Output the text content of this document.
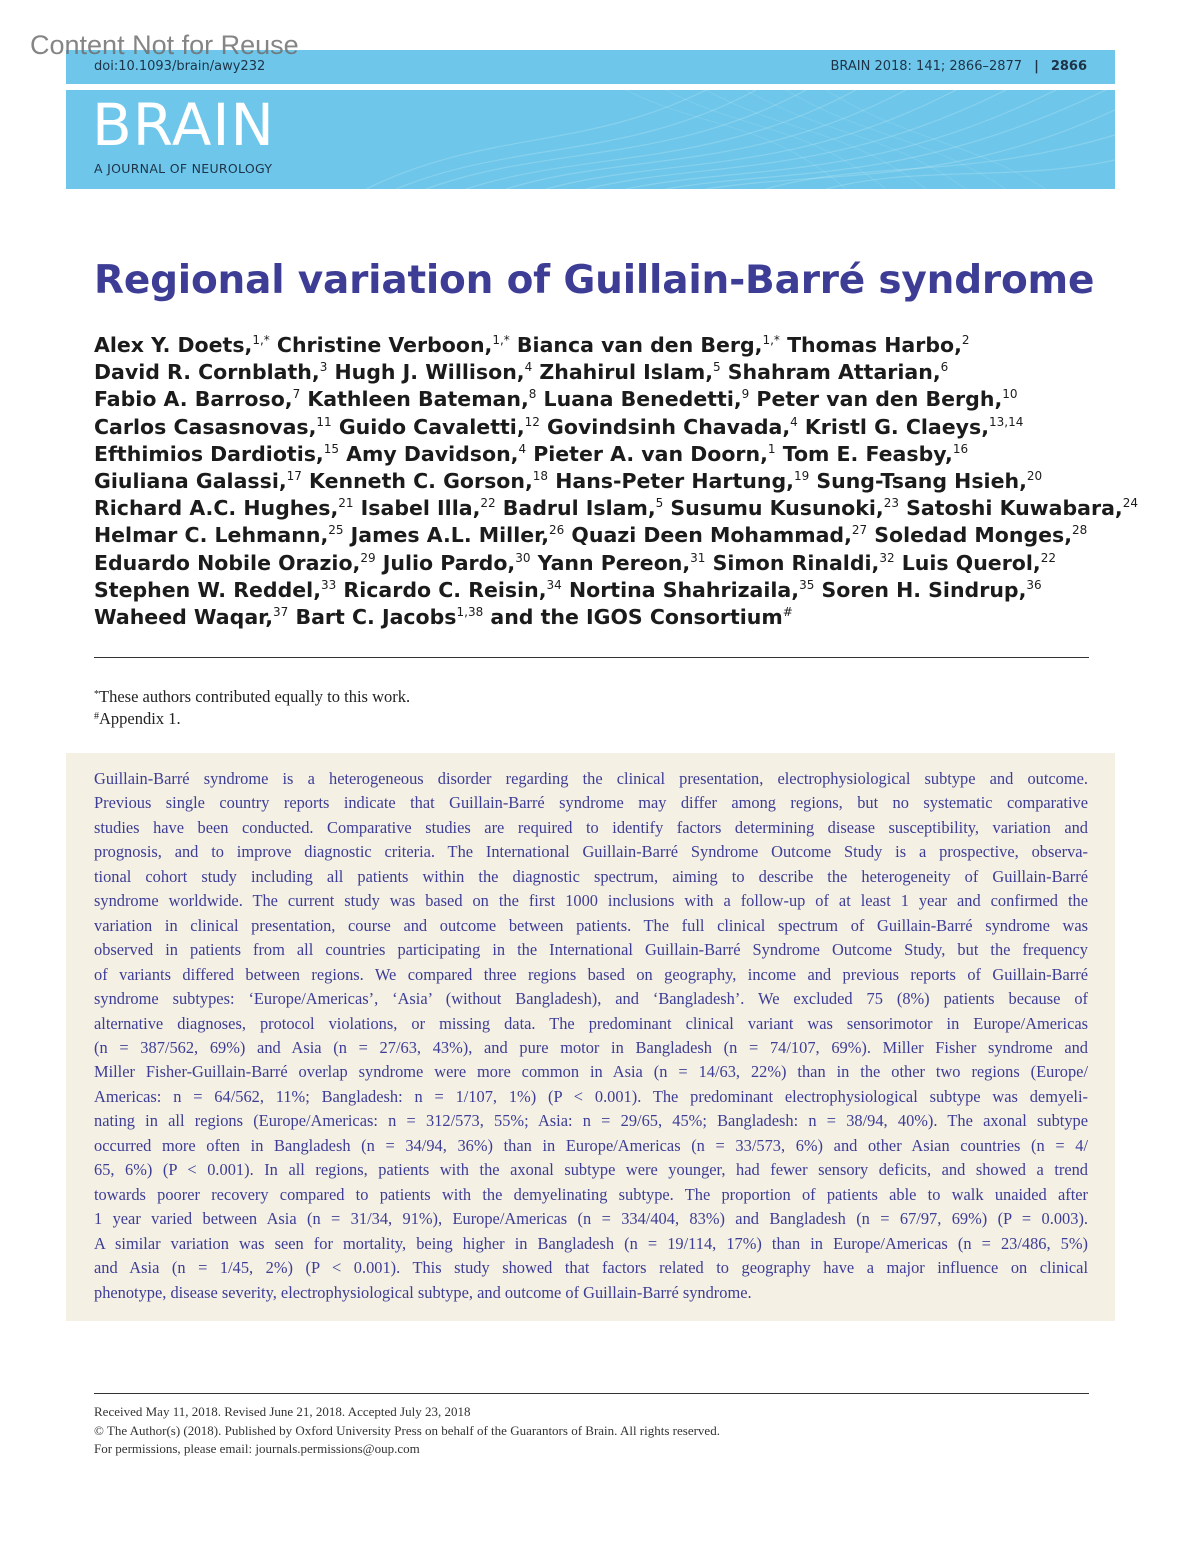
Content Not for Reuse
doi:10.1093/brain/awy232	BRAIN 2018: 141; 2866–2877 | 2866
BRAIN
A JOURNAL OF NEUROLOGY
Regional variation of Guillain-Barré syndrome
Alex Y. Doets,$^{1,*}$ Christine Verboon,$^{1,*}$ Bianca van den Berg,$^{1,*}$ Thomas Harbo,$^2$
David R. Cornblath,$^3$ Hugh J. Willison,$^4$ Zhahirul Islam,$^5$ Shahram Attarian,$^6$
Fabio A. Barroso,$^7$ Kathleen Bateman,$^8$ Luana Benedetti,$^9$ Peter van den Bergh,$^{10}$
Carlos Casasnovas,$^{11}$ Guido Cavaletti,$^{12}$ Govindsinh Chavada,$^4$ Kristl G. Claeys,$^{13,14}$
Efthimios Dardiotis,$^{15}$ Amy Davidson,$^4$ Pieter A. van Doorn,$^1$ Tom E. Feasby,$^{16}$
Giuliana Galassi,$^{17}$ Kenneth C. Gorson,$^{18}$ Hans-Peter Hartung,$^{19}$ Sung-Tsang Hsieh,$^{20}$
Richard A.C. Hughes,$^{21}$ Isabel Illa,$^{22}$ Badrul Islam,$^5$ Susumu Kusunoki,$^{23}$ Satoshi Kuwabara,$^{24}$
Helmar C. Lehmann,$^{25}$ James A.L. Miller,$^{26}$ Quazi Deen Mohammad,$^{27}$ Soledad Monges,$^{28}$
Eduardo Nobile Orazio,$^{29}$ Julio Pardo,$^{30}$ Yann Pereon,$^{31}$ Simon Rinaldi,$^{32}$ Luis Querol,$^{22}$
Stephen W. Reddel,$^{33}$ Ricardo C. Reisin,$^{34}$ Nortina Shahrizaila,$^{35}$ Soren H. Sindrup,$^{36}$
Waheed Waqar,$^{37}$ Bart C. Jacobs$^{1,38}$ and the IGOS Consortium#
*These authors contributed equally to this work.
#Appendix 1.
Guillain-Barré syndrome is a heterogeneous disorder regarding the clinical presentation, electrophysiological subtype and outcome.
Previous single country reports indicate that Guillain-Barré syndrome may differ among regions, but no systematic comparative
studies have been conducted. Comparative studies are required to identify factors determining disease susceptibility, variation and
prognosis, and to improve diagnostic criteria. The International Guillain-Barré Syndrome Outcome Study is a prospective, observa-
tional cohort study including all patients within the diagnostic spectrum, aiming to describe the heterogeneity of Guillain-Barré
syndrome worldwide. The current study was based on the first 1000 inclusions with a follow-up of at least 1 year and confirmed the
variation in clinical presentation, course and outcome between patients. The full clinical spectrum of Guillain-Barré syndrome was
observed in patients from all countries participating in the International Guillain-Barré Syndrome Outcome Study, but the frequency
of variants differed between regions. We compared three regions based on geography, income and previous reports of Guillain-Barré
syndrome subtypes: ‘Europe/Americas’, ‘Asia’ (without Bangladesh), and ‘Bangladesh’. We excluded 75 (8%) patients because of
alternative diagnoses, protocol violations, or missing data. The predominant clinical variant was sensorimotor in Europe/Americas
(n = 387/562, 69%) and Asia (n = 27/63, 43%), and pure motor in Bangladesh (n = 74/107, 69%). Miller Fisher syndrome and
Miller Fisher-Guillain-Barré overlap syndrome were more common in Asia (n = 14/63, 22%) than in the other two regions (Europe/
Americas: n = 64/562, 11%; Bangladesh: n = 1/107, 1%) (P < 0.001). The predominant electrophysiological subtype was demyeli-
nating in all regions (Europe/Americas: n = 312/573, 55%; Asia: n = 29/65, 45%; Bangladesh: n = 38/94, 40%). The axonal subtype
occurred more often in Bangladesh (n = 34/94, 36%) than in Europe/Americas (n = 33/573, 6%) and other Asian countries (n = 4/
65, 6%) (P < 0.001). In all regions, patients with the axonal subtype were younger, had fewer sensory deficits, and showed a trend
towards poorer recovery compared to patients with the demyelinating subtype. The proportion of patients able to walk unaided after
1 year varied between Asia (n = 31/34, 91%), Europe/Americas (n = 334/404, 83%) and Bangladesh (n = 67/97, 69%) (P = 0.003).
A similar variation was seen for mortality, being higher in Bangladesh (n = 19/114, 17%) than in Europe/Americas (n = 23/486, 5%)
and Asia (n = 1/45, 2%) (P < 0.001). This study showed that factors related to geography have a major influence on clinical
phenotype, disease severity, electrophysiological subtype, and outcome of Guillain-Barré syndrome.
Received May 11, 2018. Revised June 21, 2018. Accepted July 23, 2018
© The Author(s) (2018). Published by Oxford University Press on behalf of the Guarantors of Brain. All rights reserved.
For permissions, please email: journals.permissions@oup.com
